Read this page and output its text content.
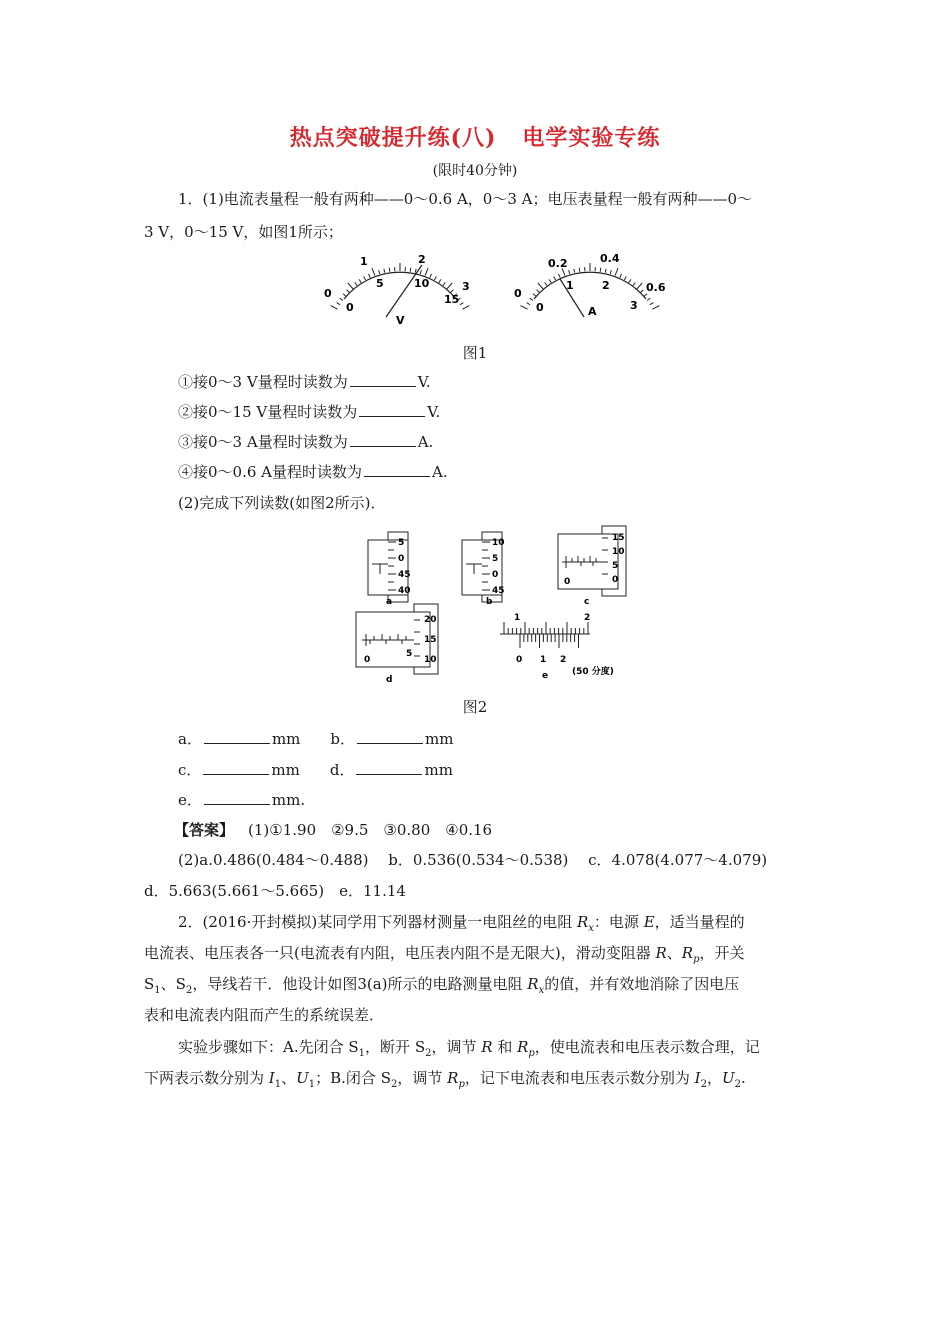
热点突破提升练(八) 电学实验专练
(限时40分钟)
1．(1)电流表量程一般有两种——0～0.6 A，0～3 A；电压表量程一般有两种——0～
3 V，0～15 V，如图1所示；
0
1	2
3
0
5	10
15
V
0
0.2	0.4
0.6
0
1	2
3
A
图1
①接0～3 V量程时读数为	V.
②接0～15 V量程时读数为	V.
③接0～3 A量程时读数为	A.
④接0～0.6 A量程时读数为	A.
(2)完成下列读数(如图2所示)．
5
0
45
40
a
10
5
0
45
b
15
10
5
0
0
c
20
15
10
5
0
d
1	2
0 1 2
e	(50 分度)
图2
a．	mm b．	mm
c．	mm d．	mm
e．	mm.
【答案】 (1)①1.90　②9.5　③0.80　④0.16
(2)a.0.486(0.484～0.488)　 b．0.536(0.534～0.538)　 c．4.078(4.077～4.079)
d．5.663(5.661～5.665)　e．11.14
2．(2016·开封模拟)某同学用下列器材测量一电阻丝的电阻 $R_x$：电源 E，适当量程的
电流表、电压表各一只(电流表有内阻，电压表内阻不是无限大)，滑动变阻器 R、$R_p$，开关
$S_1$、$S_2$，导线若干．他设计如图3(a)所示的电路测量电阻 $R_x$的值，并有效地消除了因电压
表和电流表内阻而产生的系统误差．
实验步骤如下：A.先闭合 $S_1$，断开 $S_2$，调节 R 和 $R_p$，使电流表和电压表示数合理，记
下两表示数分别为 $I_1$、$U_1$；B.闭合 $S_2$，调节 $R_p$，记下电流表和电压表示数分别为 $I_2$，$U_2$.
